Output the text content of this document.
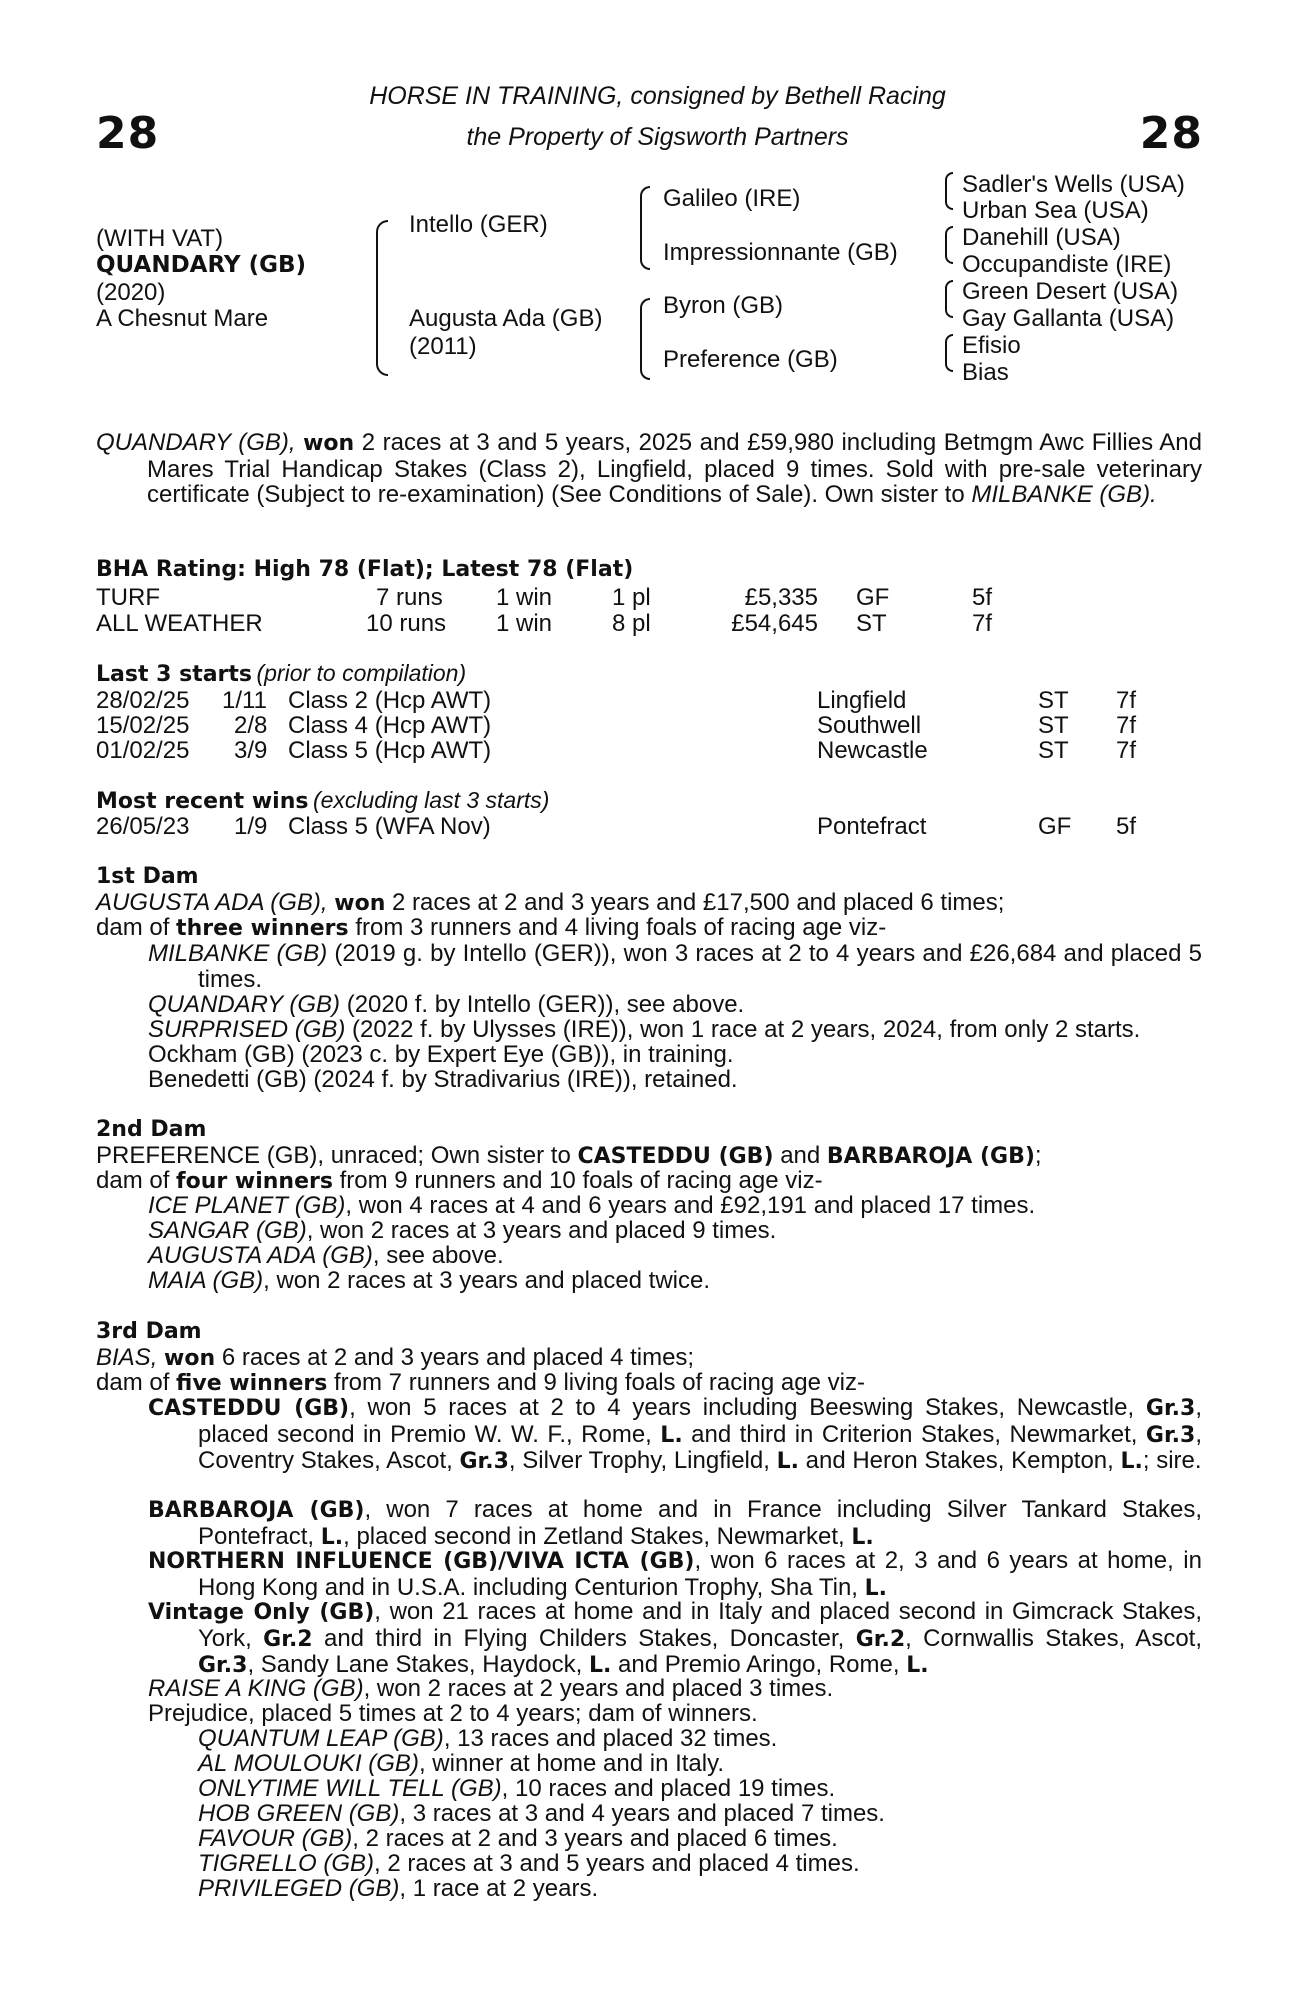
28	28
HORSE IN TRAINING, consigned by Bethell Racing
the Property of Sigsworth Partners
(WITH VAT)
QUANDARY (GB)
(2020)
A Chesnut Mare
Intello (GER)
Augusta Ada (GB)
(2011)
Galileo (IRE)
Impressionnante (GB)
Byron (GB)
Preference (GB)
Sadler's Wells (USA)
Urban Sea (USA)
Danehill (USA)
Occupandiste (IRE)
Green Desert (USA)
Gay Gallanta (USA)
Efisio
Bias
QUANDARY (GB), won 2 races at 3 and 5 years, 2025 and £59,980 including Betmgm Awc Fillies And Mares Trial Handicap Stakes (Class 2), Lingfield, placed 9 times. Sold with pre-sale veterinary certificate (Subject to re-examination) (See Conditions of Sale). Own sister to MILBANKE (GB).
BHA Rating: High 78 (Flat); Latest 78 (Flat)
TURF	7 runs 1 win 1 pl	£5,335 GF	5f
ALL WEATHER	10 runs 1 win 8 pl	£54,645 ST	7f
Last 3 starts (prior to compilation)
28/02/25 1/11 Class 2 (Hcp AWT)	Lingfield	ST 7f
15/02/25 2/8 Class 4 (Hcp AWT)	Southwell	ST 7f
01/02/25 3/9 Class 5 (Hcp AWT)	Newcastle	ST 7f
Most recent wins (excluding last 3 starts)
26/05/23 1/9 Class 5 (WFA Nov)	Pontefract	GF 5f
1st Dam
AUGUSTA ADA (GB), won 2 races at 2 and 3 years and £17,500 and placed 6 times;
dam of three winners from 3 runners and 4 living foals of racing age viz-
MILBANKE (GB) (2019 g. by Intello (GER)), won 3 races at 2 to 4 years and £26,684 and placed 5 times.
QUANDARY (GB) (2020 f. by Intello (GER)), see above.
SURPRISED (GB) (2022 f. by Ulysses (IRE)), won 1 race at 2 years, 2024, from only 2 starts.
Ockham (GB) (2023 c. by Expert Eye (GB)), in training.
Benedetti (GB) (2024 f. by Stradivarius (IRE)), retained.
2nd Dam
PREFERENCE (GB), unraced; Own sister to CASTEDDU (GB) and BARBAROJA (GB);
dam of four winners from 9 runners and 10 foals of racing age viz-
ICE PLANET (GB), won 4 races at 4 and 6 years and £92,191 and placed 17 times.
SANGAR (GB), won 2 races at 3 years and placed 9 times.
AUGUSTA ADA (GB), see above.
MAIA (GB), won 2 races at 3 years and placed twice.
3rd Dam
BIAS, won 6 races at 2 and 3 years and placed 4 times;
dam of five winners from 7 runners and 9 living foals of racing age viz-
CASTEDDU (GB), won 5 races at 2 to 4 years including Beeswing Stakes, Newcastle, Gr.3, placed second in Premio W. W. F., Rome, L. and third in Criterion Stakes, Newmarket, Gr.3, Coventry Stakes, Ascot, Gr.3, Silver Trophy, Lingfield, L. and Heron Stakes, Kempton, L.; sire.
BARBAROJA (GB), won 7 races at home and in France including Silver Tankard Stakes, Pontefract, L., placed second in Zetland Stakes, Newmarket, L.
NORTHERN INFLUENCE (GB)/VIVA ICTA (GB), won 6 races at 2, 3 and 6 years at home, in Hong Kong and in U.S.A. including Centurion Trophy, Sha Tin, L.
Vintage Only (GB), won 21 races at home and in Italy and placed second in Gimcrack Stakes, York, Gr.2 and third in Flying Childers Stakes, Doncaster, Gr.2, Cornwallis Stakes, Ascot, Gr.3, Sandy Lane Stakes, Haydock, L. and Premio Aringo, Rome, L.
RAISE A KING (GB), won 2 races at 2 years and placed 3 times.
Prejudice, placed 5 times at 2 to 4 years; dam of winners.
QUANTUM LEAP (GB), 13 races and placed 32 times.
AL MOULOUKI (GB), winner at home and in Italy.
ONLYTIME WILL TELL (GB), 10 races and placed 19 times.
HOB GREEN (GB), 3 races at 3 and 4 years and placed 7 times.
FAVOUR (GB), 2 races at 2 and 3 years and placed 6 times.
TIGRELLO (GB), 2 races at 3 and 5 years and placed 4 times.
PRIVILEGED (GB), 1 race at 2 years.
